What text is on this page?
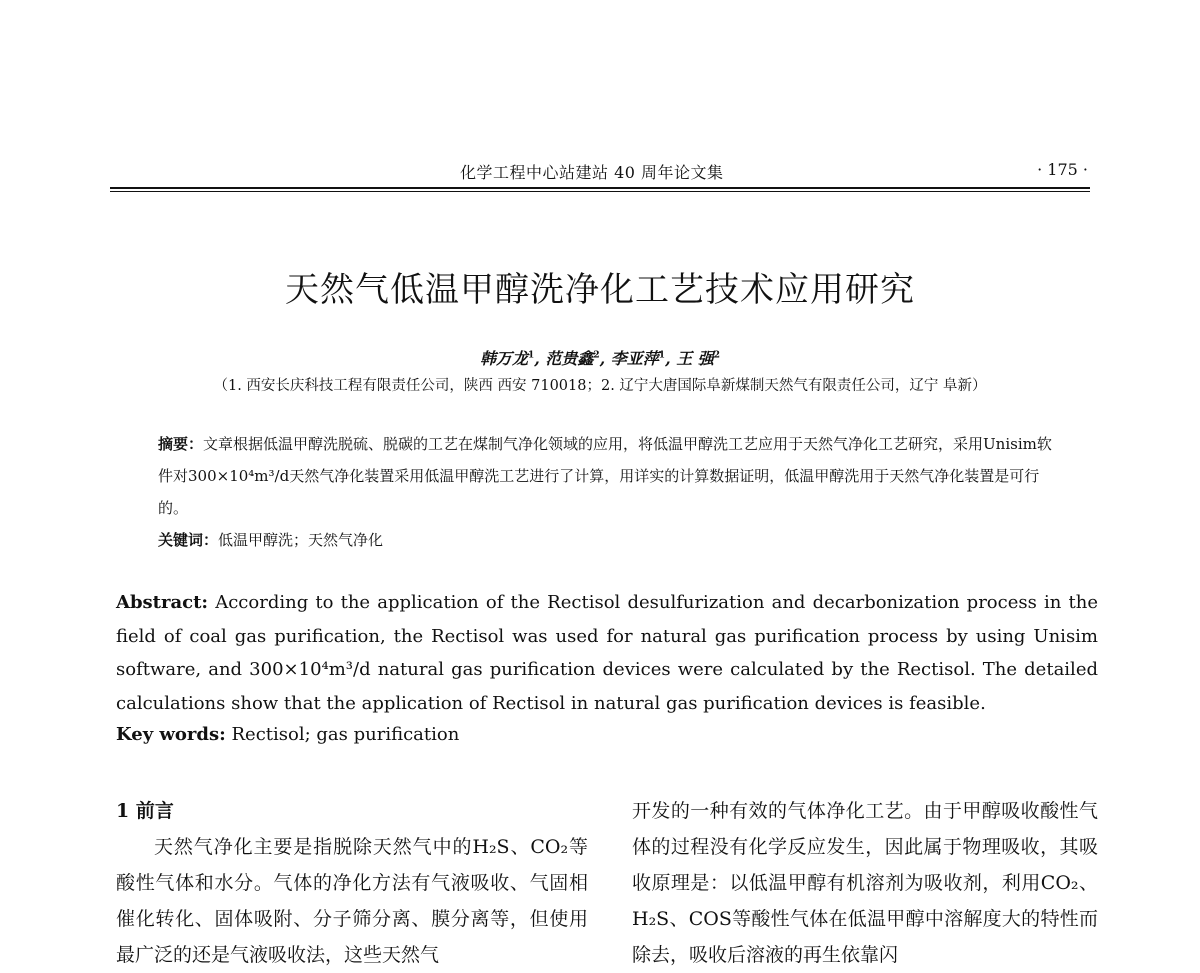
化学工程中心站建站 40 周年论文集	· 175 ·
天然气低温甲醇洗净化工艺技术应用研究
韩万龙$^1$, 范贵鑫$^2$, 李亚萍$^1$, 王 强$^2$
（1. 西安长庆科技工程有限责任公司，陕西 西安 710018；2. 辽宁大唐国际阜新煤制天然气有限责任公司，辽宁 阜新）
摘要：文章根据低温甲醇洗脱硫、脱碳的工艺在煤制气净化领域的应用，将低温甲醇洗工艺应用于天然气净化工艺研究，采用Unisim软件对300×10⁴m³/d天然气净化装置采用低温甲醇洗工艺进行了计算，用详实的计算数据证明，低温甲醇洗用于天然气净化装置是可行的。
关键词：低温甲醇洗；天然气净化
Abstract: According to the application of the Rectisol desulfurization and decarbonization process in the field of coal gas purification, the Rectisol was used for natural gas purification process by using Unisim software, and 300×10⁴m³/d natural gas purification devices were calculated by the Rectisol. The detailed calculations show that the application of Rectisol in natural gas purification devices is feasible.
Key words: Rectisol; gas purification
1 前言

天然气净化主要是指脱除天然气中的H₂S、CO₂等酸性气体和水分。气体的净化方法有气液吸收、气固相催化转化、固体吸附、分子筛分离、膜分离等，但使用最广泛的还是气液吸收法，这些天然气

开发的一种有效的气体净化工艺。由于甲醇吸收酸性气体的过程没有化学反应发生，因此属于物理吸收，其吸收原理是：以低温甲醇有机溶剂为吸收剂，利用CO₂、H₂S、COS等酸性气体在低温甲醇中溶解度大的特性而除去，吸收后溶液的再生依靠闪
